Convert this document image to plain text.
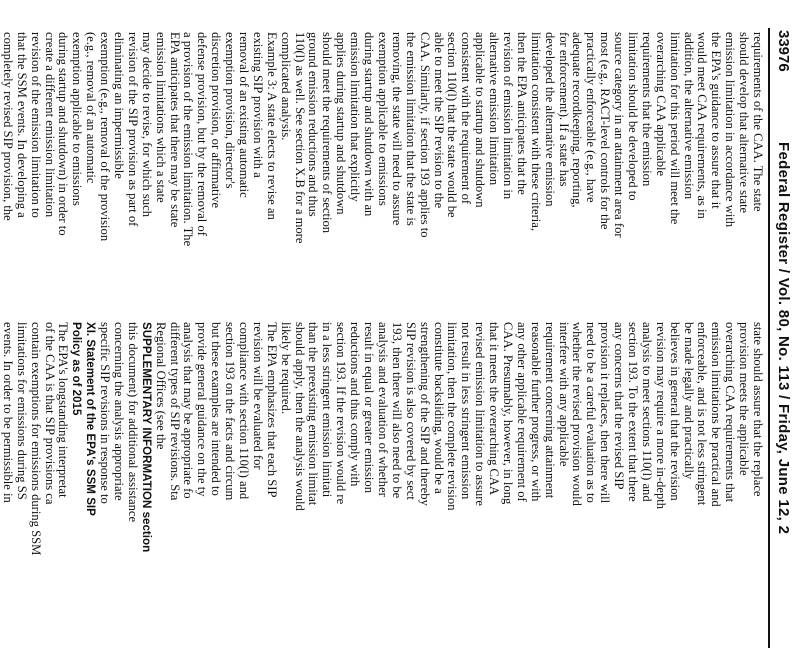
33976
Federal Register / Vol. 80, No. 113 / Friday, June 12, 2
requirements of the CAA. The state
should develop that alternative state
emission limitation in accordance with
the EPA's guidance to assure that it
would meet CAA requirements, as in
addition, the alternative emission
limitation for this period will meet the
overarching CAA applicable
requirements that the emission
limitation should be developed to
source category in an attainment area for
most (e.g., RACT-level controls for the
practically enforceable (e.g., have
adequate recordkeeping, reporting,
for enforcement). If a state has
developed the alternative emission
limitation consistent with these criteria,
then the EPA anticipates that the
revision of emission limitation in
alternative emission limitation
applicable to startup and shutdown
consistent with the requirement of
section 110(l) that the state would be
able to meet the SIP revision to the
CAA. Similarly, if section 193 applies to
the emission limitation that the state is
removing, the state will need to assure
exemption applicable to emissions
during startup and shutdown with an
emission limitation that explicitly
applies during startup and shutdown
should meet the requirements of section
ground emission reductions and thus
110(l) as well. See section X.B for a more
complicated analysis.
Example 3: A state elects to revise an
existing SIP provision with a
removal of an existing automatic
exemption provision, director's
discretion provision, or affirmative
defense provision, but by the removal of
a provision of the emission limitation. The
EPA anticipates that there may be state
emission limitations which a state
may decide to revise, for which such
revision of the SIP provision as part of
eliminating an impermissible
exemption (e.g., removal of the provision
(e.g., removal of an automatic
exemption applicable to emissions
during startup and shutdown) in order to
create a different emission limitation
revision of the emission limitation to
that the SSM events. In developing a
completely revised SIP provision, the
state should assure that the replace
provision meets the applicable
overarching CAA requirements that
emission limitations be practical and
enforceable, and is not less stringent
be made legally and practically
believes in general that the revision
revision may require a more in-depth
analysis to meet sections 110(l) and
section 193. To the extent that there
any concerns that the revised SIP
provision it replaces, then there will
need to be a careful evaluation as to
whether the revised provision would
interfere with any applicable
requirement concerning attainment
reasonable further progress, or with
any other applicable requirement of
CAA. Presumably, however, in long
that it meets the overarching CAA
revised emission limitation to assure
not result in less stringent emission
limitation, then the complete revision
constitute backsliding, would be a
strengthening of the SIP and thereby
SIP revision is also covered by sect
193, then there will also need to be
analysis and evaluation of whether
result in equal or greater emission
reductions and thus comply with
section 193. If the revision would re
in a less stringent emission limitati
than the preexisting emission limitat
should apply, then the analysis would
likely be required.
The EPA emphasizes that each SIP
revision will be evaluated for
compliance with section 110(l) and
section 193 on the facts and circum
but these examples are intended to
provide general guidance on the ty
analysis that may be appropriate fo
different types of SIP revisions. Sta
Regional Offices (see the
SUPPLEMENTARY INFORMATION section
this document) for additional assistance
concerning the analysis appropriate
specific SIP revisions in response to
XI. Statement of the EPA's SSM SIP
Policy as of 2015
The EPA's longstanding interpretat
of the CAA is that SIP provisions ca
contain exemptions for emissions during SSM
limitations for emissions during SS
events. In order to be permissible in
